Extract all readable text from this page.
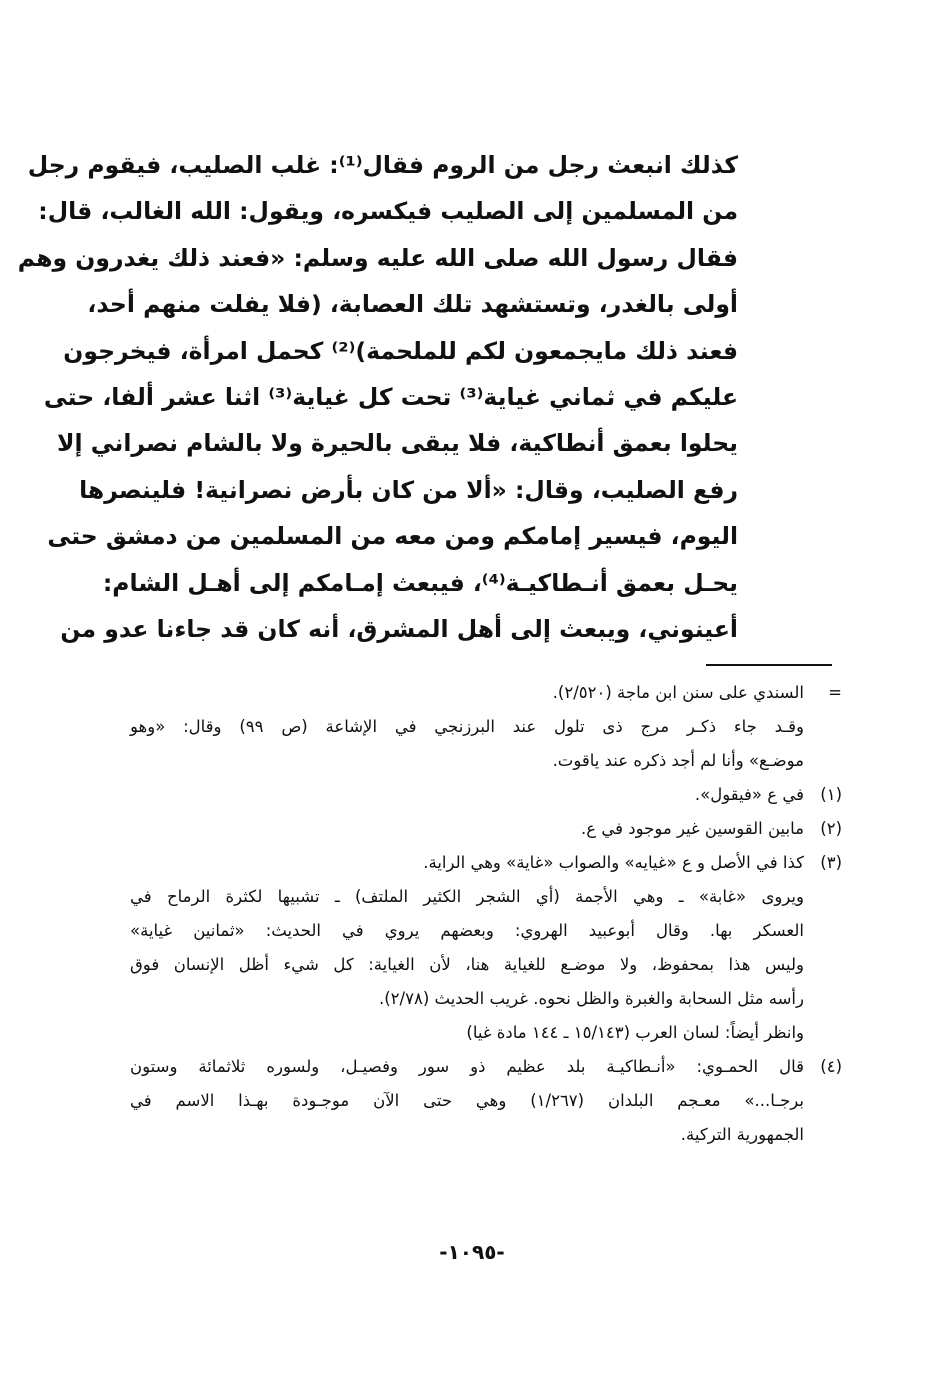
كذلك انبعث رجل من الروم فقال⁽¹⁾: غلب الصليب، فيقوم رجل
من المسلمين إلى الصليب فيكسره، ويقول: الله الغالب، قال:
فقال رسول الله صلى الله عليه وسلم: «فعند ذلك يغدرون وهم
أولى بالغدر، وتستشهد تلك العصابة، (فلا يفلت منهم أحد،
فعند ذلك مايجمعون لكم للملحمة)⁽²⁾ كحمل امرأة، فيخرجون
عليكم في ثماني غياية⁽³⁾ تحت كل غياية⁽³⁾ اثنا عشر ألفا، حتى
يحلوا بعمق أنطاكية، فلا يبقى بالحيرة ولا بالشام نصراني إلا
رفع الصليب، وقال: «ألا من كان بأرض نصرانية! فلينصرها
اليوم، فيسير إمامكم ومن معه من المسلمين من دمشق حتى
يحـل بعمق أنـطاكيـة⁽⁴⁾، فيبعث إمـامكم إلى أهـل الشام:
أعينوني، ويبعث إلى أهل المشرق، أنه كان قد جاءنا عدو من
=
السندي على سنن ابن ماجة (٢/٥٢٠).
وقـد جاء ذكـر مرج ذى تلول عند البرزنجي في الإشاعة (ص ٩٩) وقال: «وهو
موضـع» وأنا لم أجد ذكره عند ياقوت.
(١)
في ع «فيقول».
(٢)
مابين القوسين غير موجود في ع.
(٣)
كذا في الأصل و ع «غيايه» والصواب «غاية» وهي الراية.
ويروى «غابة» ـ وهي الأجمة (أي الشجر الكثير الملتف) ـ تشبيها لكثرة الرماح في
العسكر بها. وقال أبوعبيد الهروي: وبعضهم يروي في الحديث: «ثمانين غياية»
وليس هذا بمحفوظ، ولا موضـع للغياية هنا، لأن الغياية: كل شيء أظل الإنسان فوق
رأسه مثل السحابة والغبرة والظل نحوه. غريب الحديث (٢/٧٨).
وانظر أيضاً: لسان العرب (١٥/١٤٣ ـ ١٤٤ مادة غيا)
(٤)
قال الحمـوي: «أنـطاكيـة بلد عظيم ذو سور وفصيـل، ولسوره ثلاثمائة وستون
برجـا...» معـجم البلدان (١/٢٦٧) وهي حتى الآن موجـودة بهـذا الاسم في
الجمهورية التركية.
-١٠٩٥-
